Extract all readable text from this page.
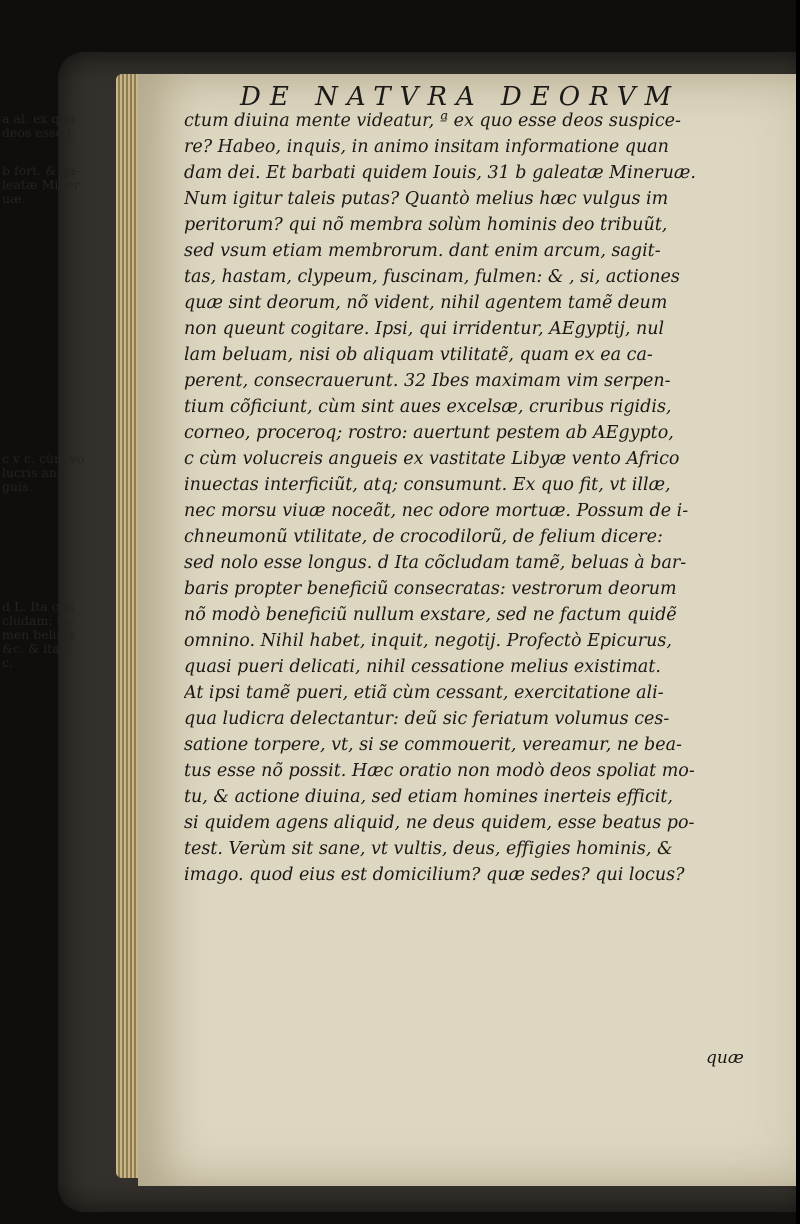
DE NATVRA DEORVM
ctum diuina mente videatur, ª ex quo esse deos suspice-
re? Habeo, inquis, in animo insitam informatione quan
dam dei. Et barbati quidem Iouis, 31 b galeatæ Mineruæ.
Num igitur taleis putas? Quantò melius hæc vulgus im
peritorum? qui nõ membra solùm hominis deo tribuũt,
sed vsum etiam membrorum. dant enim arcum, sagit-
tas, hastam, clypeum, fuscinam, fulmen: & , si, actiones
quæ sint deorum, nõ vident, nihil agentem tamẽ deum
non queunt cogitare. Ipsi, qui irridentur, AEgyptij, nul
lam beluam, nisi ob aliquam vtilitatẽ, quam ex ea ca-
perent, consecrauerunt. 32 Ibes maximam vim serpen-
tium cõficiunt, cùm sint aues excelsæ, cruribus rigidis,
corneo, proceroq; rostro: auertunt pestem ab AEgypto,
c cùm volucreis angueis ex vastitate Libyæ vento Africo
inuectas interficiũt, atq; consumunt. Ex quo fit, vt illæ,
nec morsu viuæ noceãt, nec odore mortuæ. Possum de i-
chneumonũ vtilitate, de crocodilorũ, de felium dicere:
sed nolo esse longus. d Ita cõcludam tamẽ, beluas à bar-
baris propter beneficiũ consecratas: vestrorum deorum
nõ modò beneficiũ nullum exstare, sed ne factum quidẽ
omnino. Nihil habet, inquit, negotij. Profectò Epicurus,
quasi pueri delicati, nihil cessatione melius existimat.
At ipsi tamẽ pueri, etiã cùm cessant, exercitatione ali-
qua ludicra delectantur: deũ sic feriatum volumus ces-
satione torpere, vt, si se commouerit, vereamur, ne bea-
tus esse nõ possit. Hæc oratio non modò deos spoliat mo-
tu, & actione diuina, sed etiam homines inerteis efficit,
si quidem agens aliquid, ne deus quidem, esse beatus po-
test. Verùm sit sane, vt vultis, deus, effigies hominis, &
imago. quod eius est domicilium? quæ sedes? qui locus?
a al. ex quo
deos esse f.
b fort. & ga-
leatæ Miner
uæ.
c v c. cùm vo
lucris an-
guis.
d L. Ita con
cludam: ta-
men beluas
&c. & ita v.
c,
quæ
